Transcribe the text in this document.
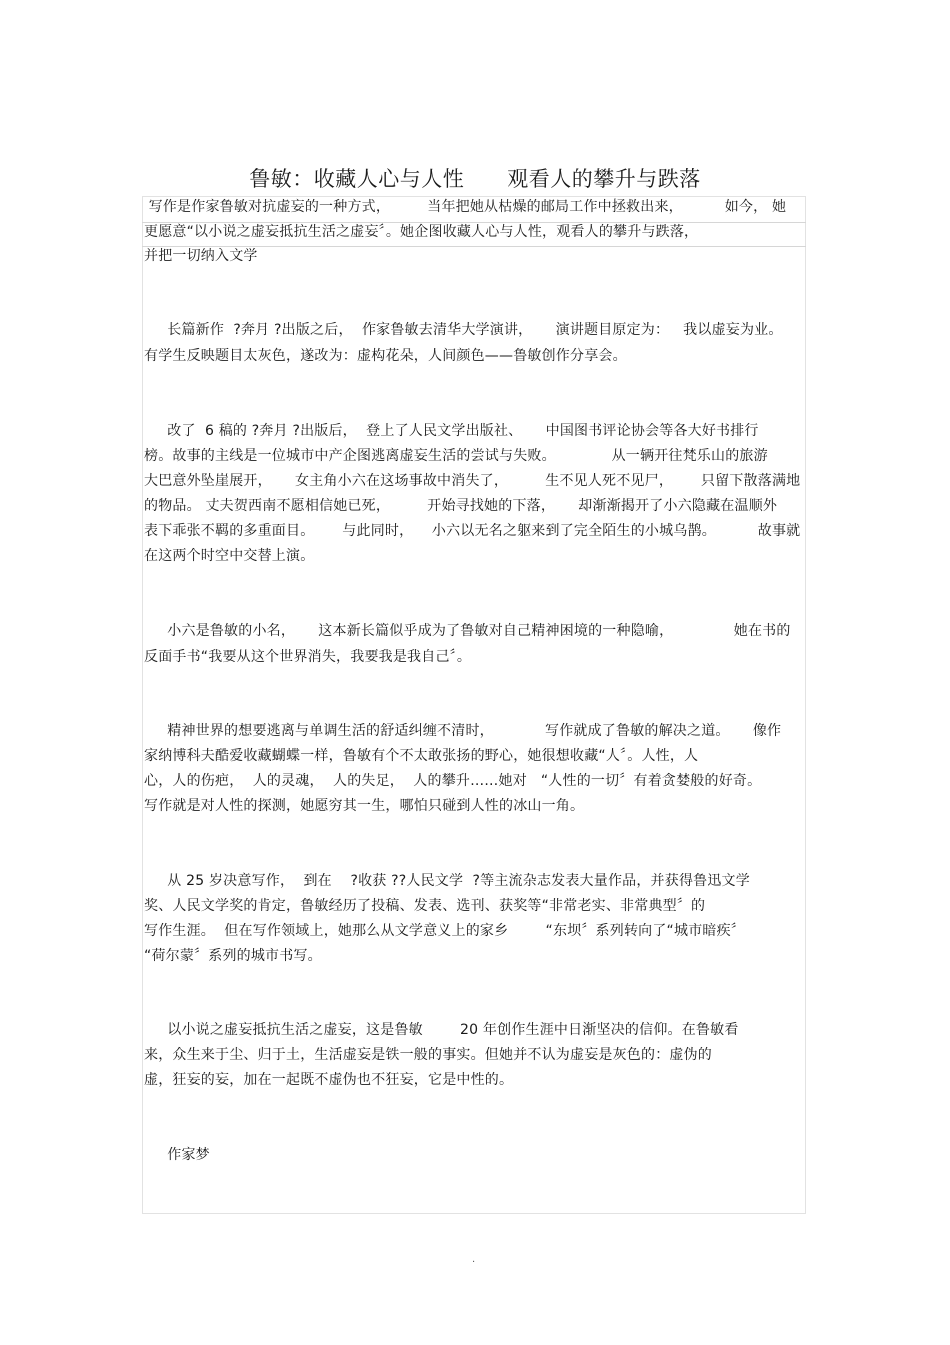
鲁敏：收藏人心与人性      观看人的攀升与跌落
写作是作家鲁敏对抗虚妄的一种方式，        当年把她从枯燥的邮局工作中拯救出来，         如今， 她
更愿意“以小说之虚妄抵抗生活之虚妄〞。她企图收藏人心与人性，观看人的攀升与跌落，
并把一切纳入文学
长篇新作  ?奔月 ?出版之后，  作家鲁敏去清华大学演讲，     演讲题目原定为：   我以虚妄为业。
有学生反映题目太灰色，遂改为：虚构花朵，人间颜色——鲁敏创作分享会。
改了  6 稿的 ?奔月 ?出版后，  登上了人民文学出版社、     中国图书评论协会等各大好书排行
榜。故事的主线是一位城市中产企图逃离虚妄生活的尝试与失败。            从一辆开往梵乐山的旅游
大巴意外坠崖展开，     女主角小六在这场事故中消失了，        生不见人死不见尸，      只留下散落满地
的物品。 丈夫贺西南不愿相信她已死，        开始寻找她的下落，     却渐渐揭开了小六隐藏在温顺外
表下乖张不羁的多重面目。      与此同时，    小六以无名之躯来到了完全陌生的小城乌鹊。         故事就
在这两个时空中交替上演。
小六是鲁敏的小名，     这本新长篇似乎成为了鲁敏对自己精神困境的一种隐喻，             她在书的
反面手书“我要从这个世界消失，我要我是我自己〞。
精神世界的想要逃离与单调生活的舒适纠缠不清时，           写作就成了鲁敏的解决之道。     像作
家纳博科夫酷爱收藏蝴蝶一样，鲁敏有个不太敢张扬的野心，她很想收藏“人〞。人性，人
心，人的伤疤，  人的灵魂，  人的失足，  人的攀升……她对   “人性的一切〞有着贪婪般的好奇。
写作就是对人性的探测，她愿穷其一生，哪怕只碰到人性的冰山一角。
从 25 岁决意写作，  到在    ?收获 ??人民文学  ?等主流杂志发表大量作品，并获得鲁迅文学
奖、人民文学奖的肯定，鲁敏经历了投稿、发表、选刊、获奖等“非常老实、非常典型〞的
写作生涯。  但在写作领域上，她那么从文学意义上的家乡        “东坝〞系列转向了“城市暗疾〞
“荷尔蒙〞系列的城市书写。
以小说之虚妄抵抗生活之虚妄，这是鲁敏        20 年创作生涯中日渐坚决的信仰。在鲁敏看
来，众生来于尘、归于土，生活虚妄是铁一般的事实。但她并不认为虚妄是灰色的：虚伪的
虚，狂妄的妄，加在一起既不虚伪也不狂妄，它是中性的。
作家梦
.
